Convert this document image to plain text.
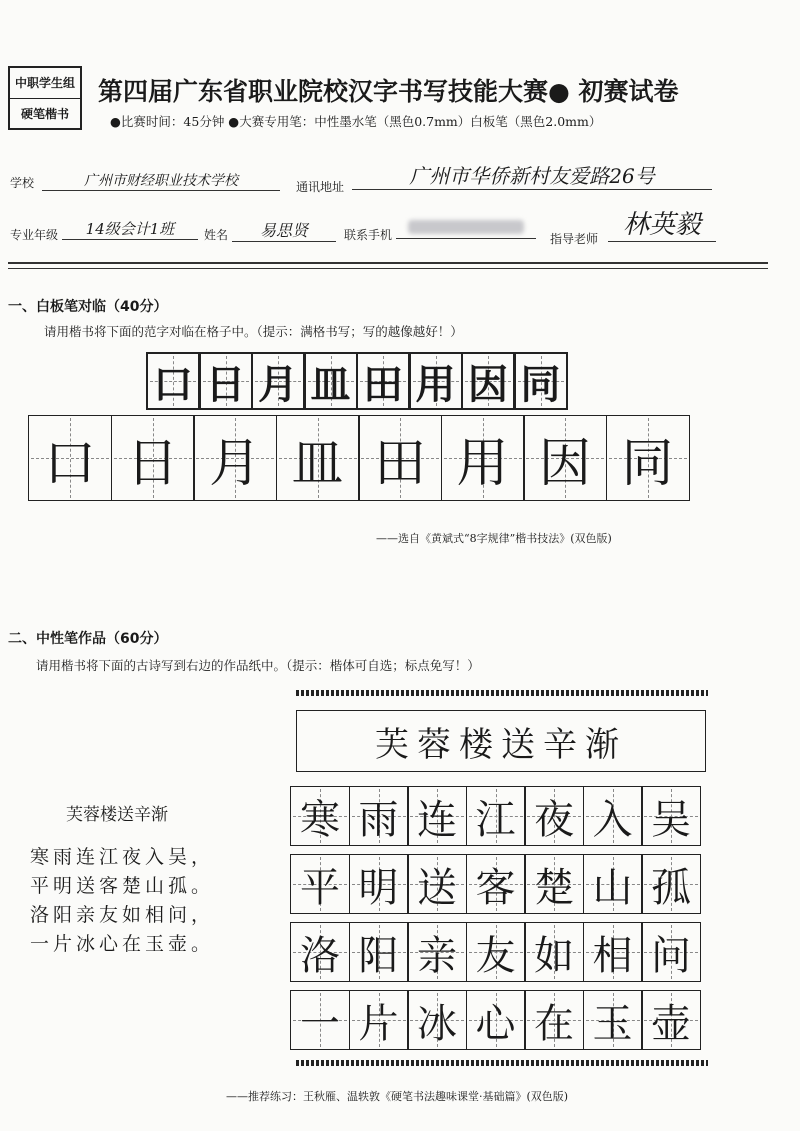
中职学生组
硬笔楷书
第四届广东省职业院校汉字书写技能大赛● 初赛试卷
●比赛时间：45分钟 ●大赛专用笔：中性墨水笔（黑色0.7mm）白板笔（黑色2.0mm）
学校	广州市财经职业技术学校	通讯地址	广州市华侨新村友爱路26号
专业年级	14级会计1班	姓名	易思贤	联系手机	指导老师 林英毅
一、白板笔对临（40分）
请用楷书将下面的范字对临在格子中。（提示：满格书写；写的越像越好！）
口 日 月 皿 田 用 因 同
口 日 月 皿 田 用 因 同
——选自《黄斌式“8字规律”楷书技法》(双色版)
二、中性笔作品（60分）
请用楷书将下面的古诗写到右边的作品纸中。（提示：楷体可自选；标点免写！）
芙蓉楼送辛渐
寒雨连江夜入吴，
平明送客楚山孤。
洛阳亲友如相问，
一片冰心在玉壶。
芙蓉楼送辛渐
寒 雨 连 江 夜 入 吴
平 明 送 客 楚 山 孤
洛 阳 亲 友 如 相 问
一 片 冰 心 在 玉 壶
——推荐练习：王秋雁、温轶敦《硬笔书法趣味课堂·基础篇》(双色版)
